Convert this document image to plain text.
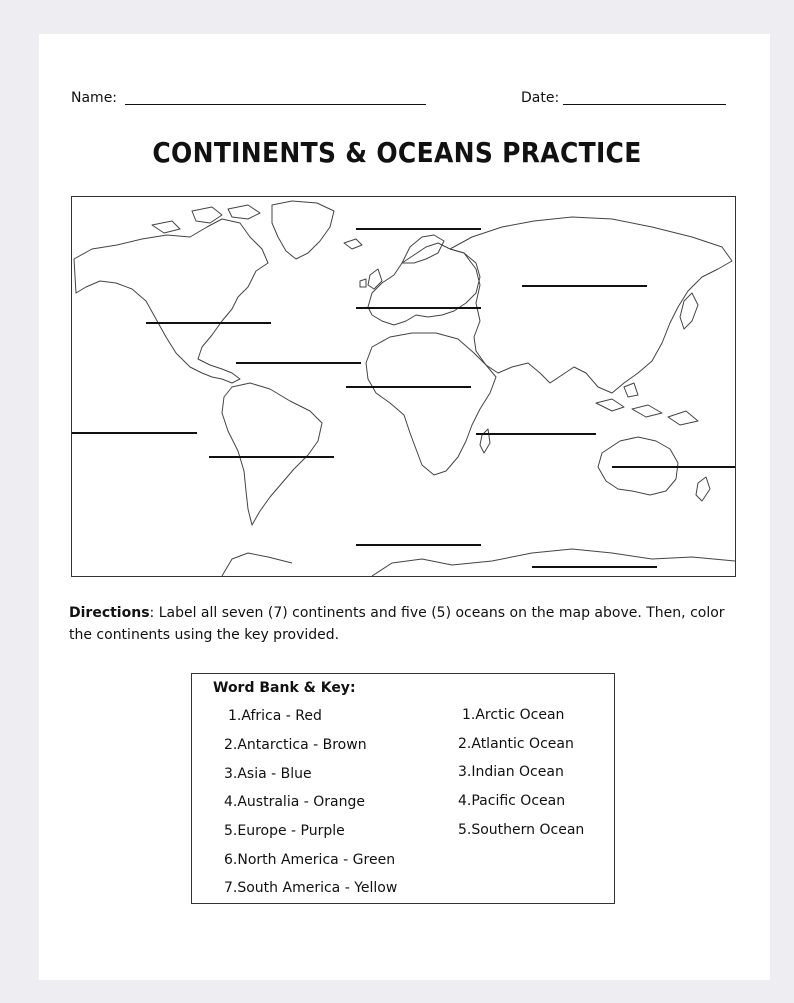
Name:	Date:
CONTINENTS & OCEANS PRACTICE
Directions: Label all seven (7) continents and five (5) oceans on the map above. Then, color the continents using the key provided.
Word Bank & Key:
1.Africa - Red
2.Antarctica - Brown
3.Asia - Blue
4.Australia - Orange
5.Europe - Purple
6.North America - Green
7.South America - Yellow
1.Arctic Ocean
2.Atlantic Ocean
3.Indian Ocean
4.Pacific Ocean
5.Southern Ocean
